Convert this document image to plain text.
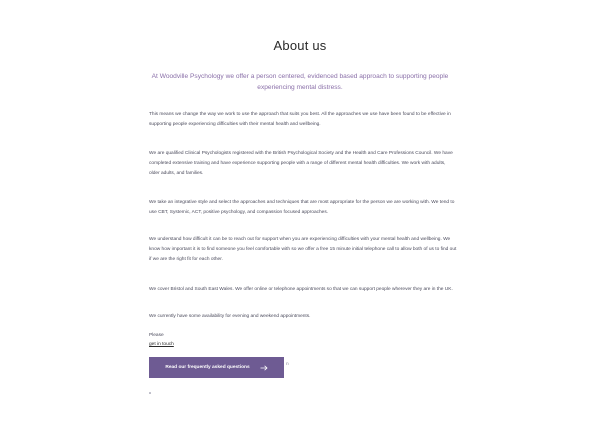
About us
At Woodville Psychology we offer a person centered, evidenced based approach to supporting people experiencing mental distress.
This means we change the way we work to use the approach that suits you best. All the approaches we use have been found to be effective in supporting people experiencing difficulties with their mental health and wellbeing.
We are qualified Clinical Psychologists registered with the British Psychological Society and the Health and Care Professions Council. We have completed extensive training and have experience supporting people with a range of different mental health difficulties. We work with adults, older adults, and families.
We take an integrative style and select the approaches and techniques that are most appropriate for the person we are working with. We tend to use CBT, Systemic, ACT, positive psychology, and compassion focused approaches.
We understand how difficult it can be to reach out for support when you are experiencing difficulties with your mental health and wellbeing. We know how important it is to find someone you feel comfortable with so we offer a free 15 minute initial telephone call to allow both of us to find out if we are the right fit for each other.
We cover Bristol and South East Wales. We offer online or telephone appointments so that we can support people wherever they are in the UK.
We currently have some availability for evening and weekend appointments.
Please
get in touch
Read our frequently asked questions
n
